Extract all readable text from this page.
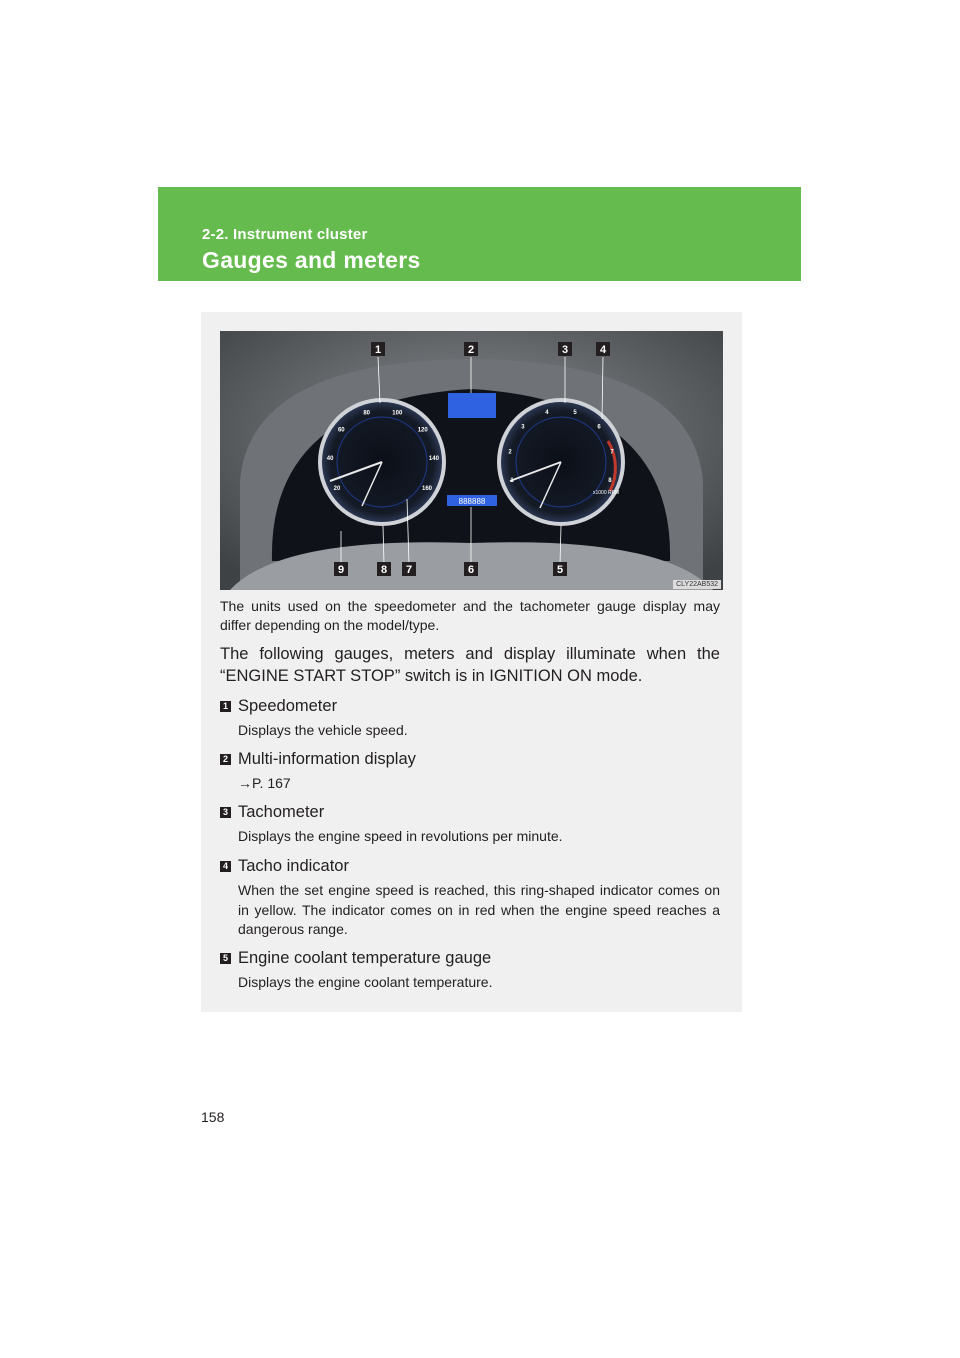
2-2. Instrument cluster
Gauges and meters
888888
20
40
60
80	100
120
140
160
1
2
3
4	5
6
7
8
x1000 RPM
1	2	3	4
9	8 7	6	5
CLY22AB532
The units used on the speedometer and the tachometer gauge display may differ depending on the model/type.
The following gauges, meters and display illuminate when the “ENGINE START STOP” switch is in IGNITION ON mode.
1 Speedometer
Displays the vehicle speed.
2 Multi-information display
→P. 167
3 Tachometer
Displays the engine speed in revolutions per minute.
4 Tacho indicator
When the set engine speed is reached, this ring-shaped indicator comes on in yellow. The indicator comes on in red when the engine speed reaches a dangerous range.
5 Engine coolant temperature gauge
Displays the engine coolant temperature.
158
